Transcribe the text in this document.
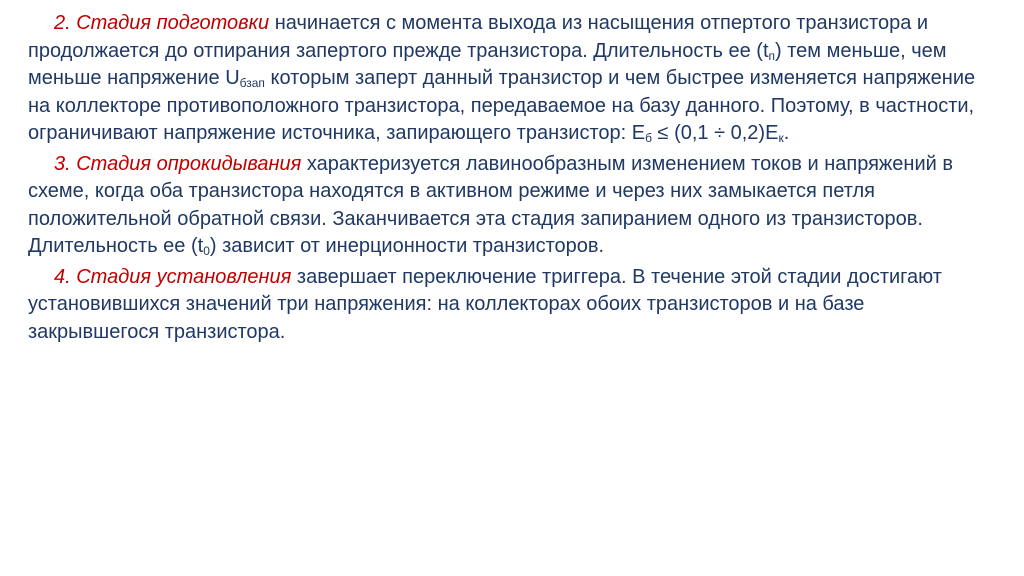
2. Стадия подготовки начинается с момента выхода из насыщения отпертого транзистора и продолжается до отпирания запертого прежде транзистора. Длительность ее $(t_п)$ тем меньше, чем меньше напряжение $U_{бзап}$ которым заперт данный транзистор и чем быстрее изменяется напряжение на коллекторе противоположного транзистора, передаваемое на базу данного. Поэтому, в частности, ограничивают напряжение источника, запирающего транзистор: $E_б \le (0,1 \div 0,2)E_к$.

3. Стадия опрокидывания характеризуется лавинообразным изменением токов и напряжений в схеме, когда оба транзистора находятся в активном режиме и через них замыкается петля положительной обратной связи. Заканчивается эта стадия запиранием одного из транзисторов. Длительность ее $(t_0)$ зависит от инерционности транзисторов.

4. Стадия установления завершает переключение триггера. В течение этой стадии достигают установившихся значений три напряжения: на коллекторах обоих транзисторов и на базе закрывшегося транзистора.
